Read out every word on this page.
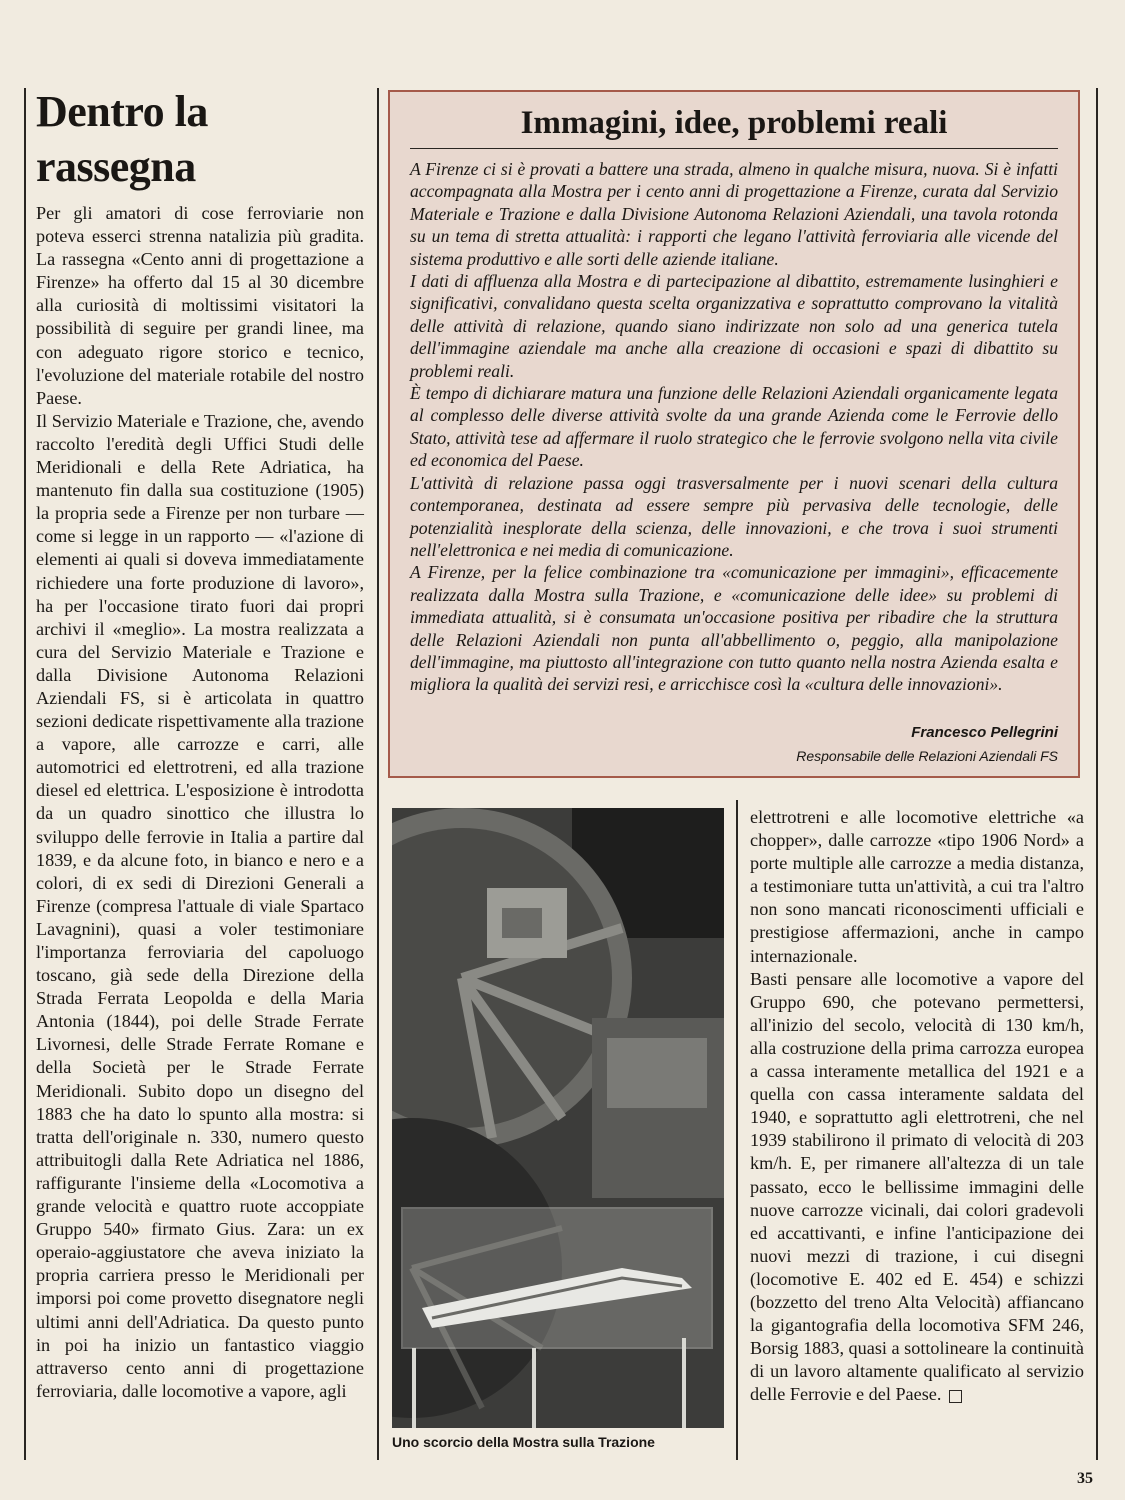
Dentro la
rassegna

Per gli amatori di cose ferroviarie non poteva esserci strenna natalizia più gradita. La rassegna «Cento anni di progettazione a Firenze» ha offerto dal 15 al 30 dicembre alla curiosità di moltissimi visitatori la possibilità di seguire per grandi linee, ma con adeguato rigore storico e tecnico, l'evoluzione del materiale rotabile del nostro Paese.

Il Servizio Materiale e Trazione, che, avendo raccolto l'eredità degli Uffici Studi delle Meridionali e della Rete Adriatica, ha mantenuto fin dalla sua costituzione (1905) la propria sede a Firenze per non turbare — come si legge in un rapporto — «l'azione di elementi ai quali si doveva immediatamente richiedere una forte produzione di lavoro», ha per l'occasione tirato fuori dai propri archivi il «meglio». La mostra realizzata a cura del Servizio Materiale e Trazione e dalla Divisione Autonoma Relazioni Aziendali FS, si è articolata in quattro sezioni dedicate rispettivamente alla trazione a vapore, alle carrozze e carri, alle automotrici ed elettrotreni, ed alla trazione diesel ed elettrica. L'esposizione è introdotta da un quadro sinottico che illustra lo sviluppo delle ferrovie in Italia a partire dal 1839, e da alcune foto, in bianco e nero e a colori, di ex sedi di Direzioni Generali a Firenze (compresa l'attuale di viale Spartaco Lavagnini), quasi a voler testimoniare l'importanza ferroviaria del capoluogo toscano, già sede della Direzione della Strada Ferrata Leopolda e della Maria Antonia (1844), poi delle Strade Ferrate Livornesi, delle Strade Ferrate Romane e della Società per le Strade Ferrate Meridionali. Subito dopo un disegno del 1883 che ha dato lo spunto alla mostra: si tratta dell'originale n. 330, numero questo attribuitogli dalla Rete Adriatica nel 1886, raffigurante l'insieme della «Locomotiva a grande velocità e quattro ruote accoppiate Gruppo 540» firmato Gius. Zara: un ex operaio-aggiustatore che aveva iniziato la propria carriera presso le Meridionali per imporsi poi come provetto disegnatore negli ultimi anni dell'Adriatica. Da questo punto in poi ha inizio un fantastico viaggio attraverso cento anni di progettazione ferroviaria, dalle locomotive a vapore, agli

Immagini, idee, problemi reali

A Firenze ci si è provati a battere una strada, almeno in qualche misura, nuova. Si è infatti accompagnata alla Mostra per i cento anni di progettazione a Firenze, curata dal Servizio Materiale e Trazione e dalla Divisione Autonoma Relazioni Aziendali, una tavola rotonda su un tema di stretta attualità: i rapporti che legano l'attività ferroviaria alle vicende del sistema produttivo e alle sorti delle aziende italiane.

I dati di affluenza alla Mostra e di partecipazione al dibattito, estremamente lusinghieri e significativi, convalidano questa scelta organizzativa e soprattutto comprovano la vitalità delle attività di relazione, quando siano indirizzate non solo ad una generica tutela dell'immagine aziendale ma anche alla creazione di occasioni e spazi di dibattito su problemi reali.

È tempo di dichiarare matura una funzione delle Relazioni Aziendali organicamente legata al complesso delle diverse attività svolte da una grande Azienda come le Ferrovie dello Stato, attività tese ad affermare il ruolo strategico che le ferrovie svolgono nella vita civile ed economica del Paese.

L'attività di relazione passa oggi trasversalmente per i nuovi scenari della cultura contemporanea, destinata ad essere sempre più pervasiva delle tecnologie, delle potenzialità inesplorate della scienza, delle innovazioni, e che trova i suoi strumenti nell'elettronica e nei media di comunicazione.

A Firenze, per la felice combinazione tra «comunicazione per immagini», efficacemente realizzata dalla Mostra sulla Trazione, e «comunicazione delle idee» su problemi di immediata attualità, si è consumata un'occasione positiva per ribadire che la struttura delle Relazioni Aziendali non punta all'abbellimento o, peggio, alla manipolazione dell'immagine, ma piuttosto all'integrazione con tutto quanto nella nostra Azienda esalta e migliora la qualità dei servizi resi, e arricchisce così la «cultura delle innovazioni».

Francesco Pellegrini
Responsabile delle Relazioni Aziendali FS
Uno scorcio della Mostra sulla Trazione

elettrotreni e alle locomotive elettriche «a chopper», dalle carrozze «tipo 1906 Nord» a porte multiple alle carrozze a media distanza, a testimoniare tutta un'attività, a cui tra l'altro non sono mancati riconoscimenti ufficiali e prestigiose affermazioni, anche in campo internazionale.

Basti pensare alle locomotive a vapore del Gruppo 690, che potevano permettersi, all'inizio del secolo, velocità di 130 km/h, alla costruzione della prima carrozza europea a cassa interamente metallica del 1921 e a quella con cassa interamente saldata del 1940, e soprattutto agli elettrotreni, che nel 1939 stabilirono il primato di velocità di 203 km/h. E, per rimanere all'altezza di un tale passato, ecco le bellissime immagini delle nuove carrozze vicinali, dai colori gradevoli ed accattivanti, e infine l'anticipazione dei nuovi mezzi di trazione, i cui disegni (locomotive E. 402 ed E. 454) e schizzi (bozzetto del treno Alta Velocità) affiancano la gigantografia della locomotiva SFM 246, Borsig 1883, quasi a sottolineare la continuità di un lavoro altamente qualificato al servizio delle Ferrovie e del Paese.

35
